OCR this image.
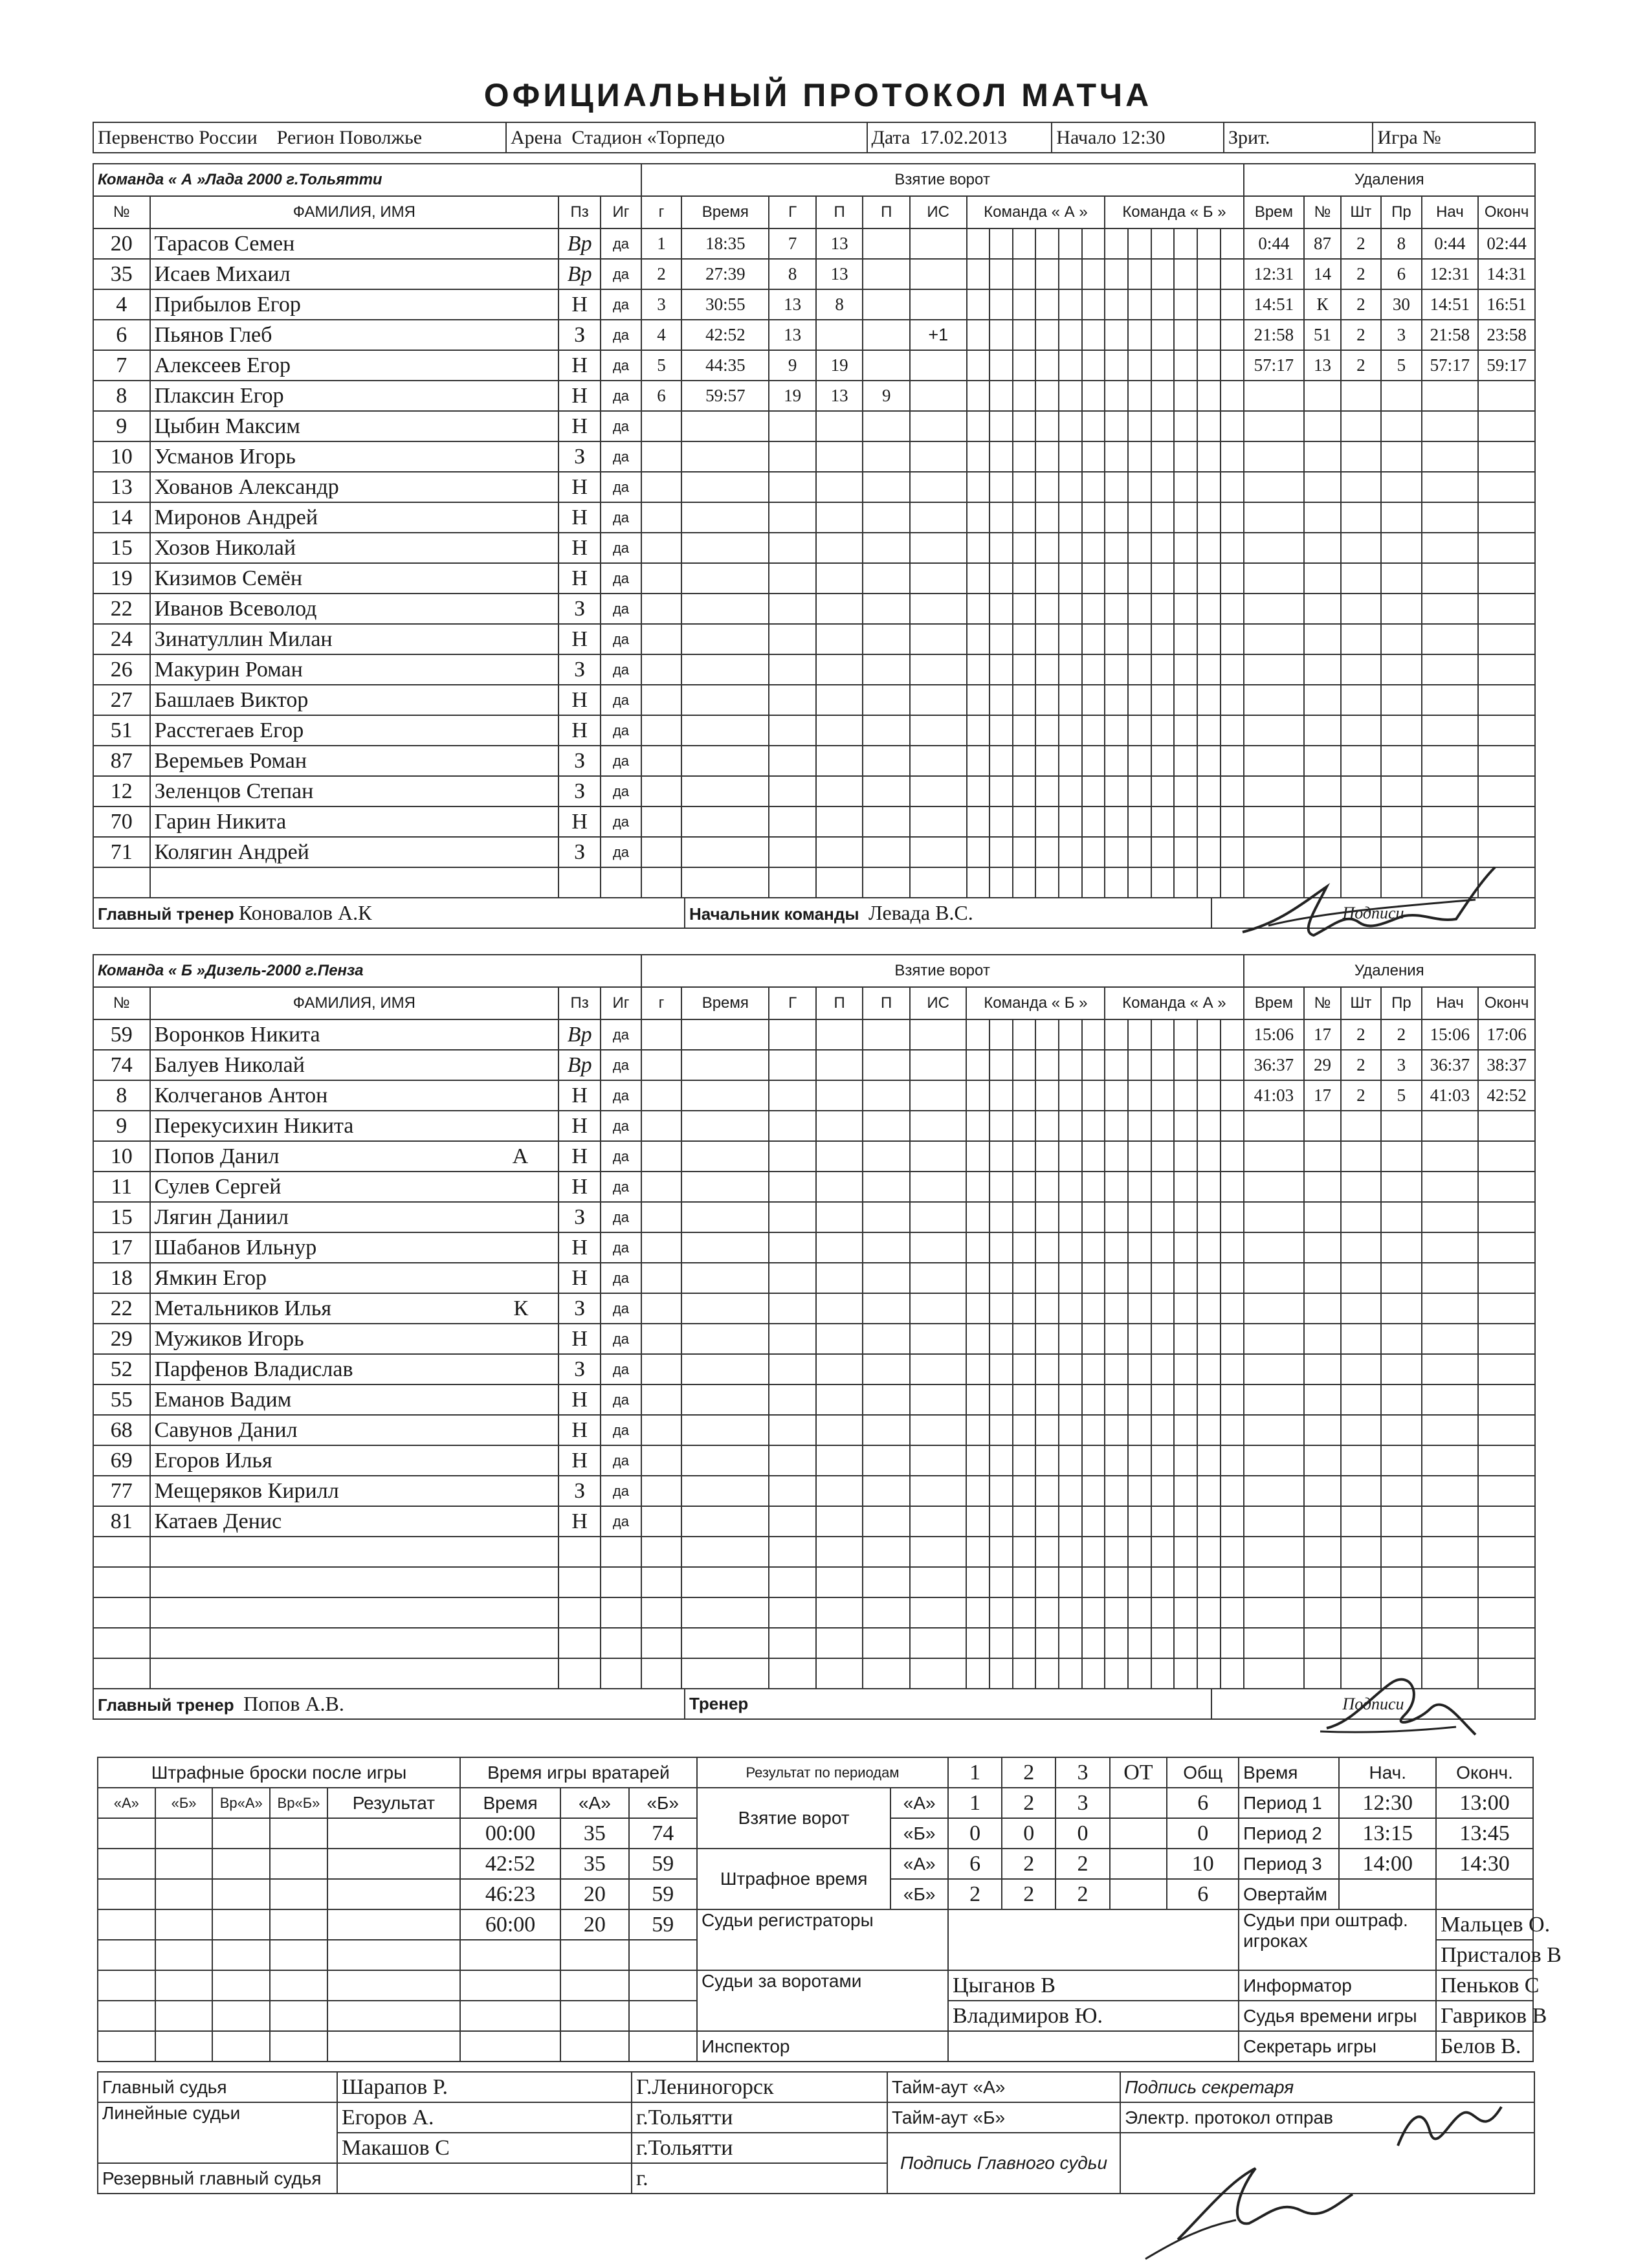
ОФИЦИАЛЬНЫЙ ПРОТОКОЛ МАТЧА
Первенство России Регион Поволжье	Арена Стадион «Торпедо	Дата 17.02.2013	Начало 12:30	Зрит.	Игра №
Команда « А »Лада 2000 г.Тольятти				Взятие ворот																		Удаления					
№	ФАМИЛИЯ, ИМЯ	Пз	Иг	г	Время	Г	П	П	ИС	Команда « А »						Команда « Б »						Врем	№	Шт	Пр	Нач	Оконч
20	Тарасов Семен	Вр	да	1	18:35	7	13															0:44	87	2	8	0:44	02:44
35	Исаев Михаил	Вр	да	2	27:39	8	13															12:31	14	2	6	12:31	14:31
4	Прибылов Егор	Н	да	3	30:55	13	8															14:51	К	2	30	14:51	16:51
6	Пьянов Глеб	З	да	4	42:52	13			+1													21:58	51	2	3	21:58	23:58
7	Алексеев Егор	Н	да	5	44:35	9	19															57:17	13	2	5	57:17	59:17
8	Плаксин Егор	Н	да	6	59:57	19	13	9																			
9	Цыбин Максим	Н	да																								
10	Усманов Игорь	З	да																								
13	Хованов Александр	Н	да																								
14	Миронов Андрей	Н	да																								
15	Хозов Николай	Н	да																								
19	Кизимов Семён	Н	да																								
22	Иванов Всеволод	З	да																								
24	Зинатуллин Милан	Н	да																								
26	Макурин Роман	З	да																								
27	Башлаев Виктор	Н	да																								
51	Расстегаев Егор	Н	да																								
87	Веремьев Роман	З	да																								
12	Зеленцов Степан	З	да																								
70	Гарин Никита	Н	да																								
71	Колягин Андрей	З	да																								

Главный тренер Коновалов А.К	Начальник команды Левада В.С.	Подписи
Команда « Б »Дизель-2000 г.Пенза				Взятие ворот																		Удаления					
№	ФАМИЛИЯ, ИМЯ	Пз	Иг	г	Время	Г	П	П	ИС	Команда « Б »						Команда « А »						Врем	№	Шт	Пр	Нач	Оконч
59	Воронков Никита	Вр	да																			15:06	17	2	2	15:06	17:06
74	Балуев Николай	Вр	да																			36:37	29	2	3	36:37	38:37
8	Колчеганов Антон	Н	да																			41:03	17	2	5	41:03	42:52
9	Перекусихин Никита	Н	да																								
10	Попов Данил А	Н	да																								
11	Сулев Сергей	Н	да																								
15	Лягин Даниил	З	да																								
17	Шабанов Ильнур	Н	да																								
18	Ямкин Егор	Н	да																								
22	Метальников Илья К	З	да																								
29	Мужиков Игорь	Н	да																								
52	Парфенов Владислав	З	да																								
55	Еманов Вадим	Н	да																								
68	Савунов Данил	Н	да																								
69	Егоров Илья	Н	да																								
77	Мещеряков Кирилл	З	да																								
81	Катаев Денис	Н	да																								

Главный тренер Попов А.В.	Тренер	Подписи
Штрафные броски после игры					Время игры вратарей			Результат по периодам		1	2	3	ОТ	Общ	Время	Нач.	Оконч.
«А»	«Б»	Вр«А»	Вр«Б»	Результат	Время	«А»	«Б»	Взятие ворот	«А»	1	2	3		6	Период 1	12:30	13:00
					00:00	35	74		«Б»	0	0	0		0	Период 2	13:15	13:45
					42:52	35	59	Штрафное время	«А»	6	2	2		10	Период 3	14:00	14:30
					46:23	20	59		«Б»	2	2	2		6	Овертайм		
					60:00	20	59	Судьи регистраторы							Судьи при оштраф. игроках		Мальцев О.
																	Присталов В
								Судьи за воротами		Цыганов В					Информатор		Пеньков С
										Владимиров Ю.					Судья времени игры		Гавриков В
								Инспектор							Секретарь игры		Белов В.
Главный судья	Шарапов Р.	Г.Лениногорск	Тайм-аут «А»	Подпись секретаря
Линейные судьи	Егоров А.	г.Тольятти	Тайм-аут «Б»	Электр. протокол отправ
	Макашов С	г.Тольятти	Подпись Главного судьи	
Резервный главный судья		г.		
